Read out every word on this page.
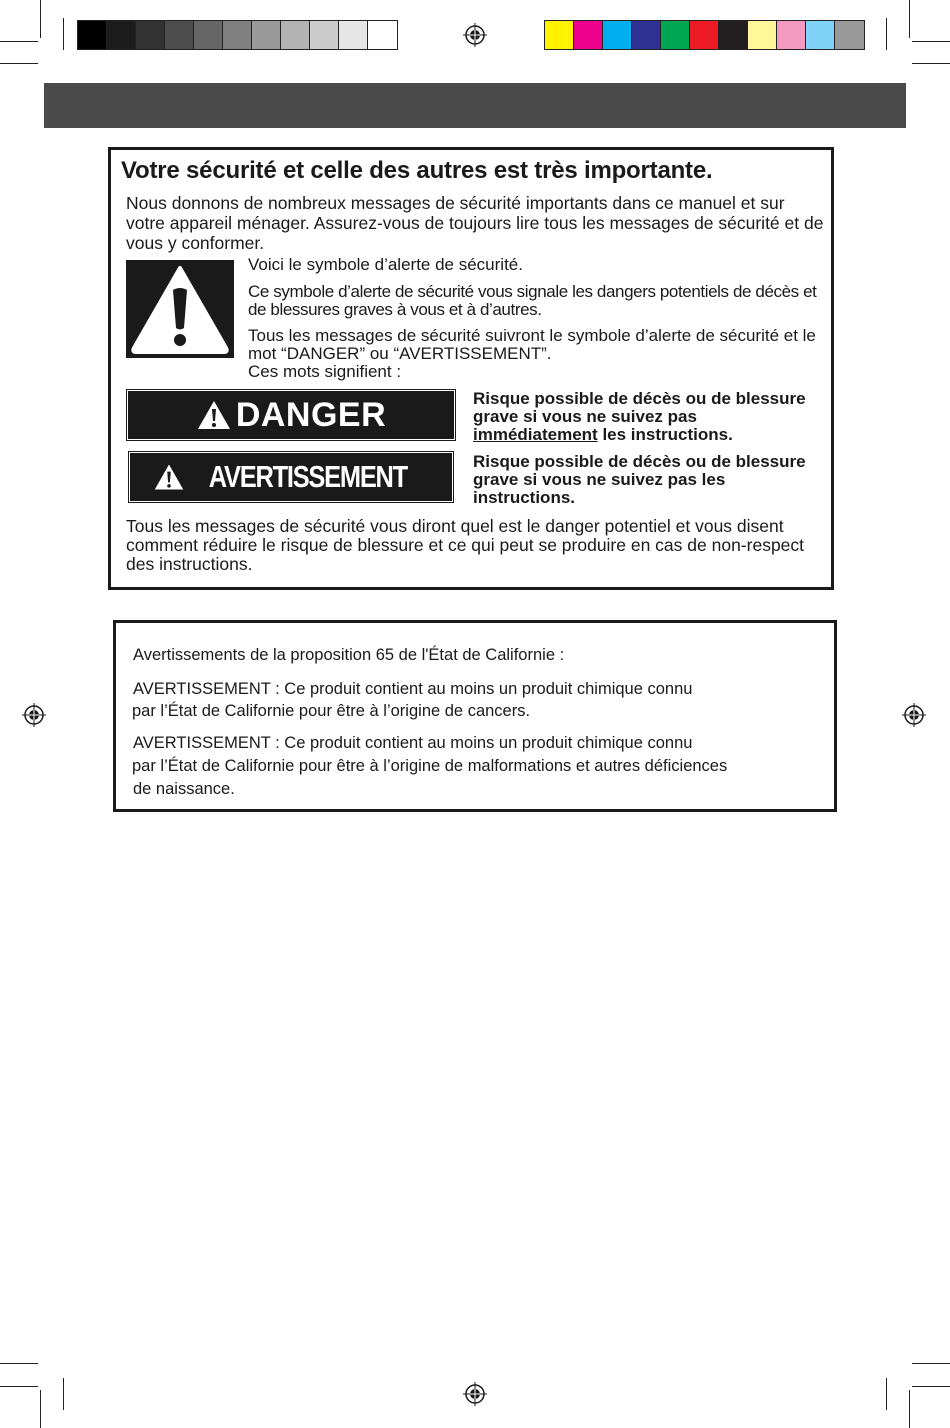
Votre sécurité et celle des autres est très importante.
Nous donnons de nombreux messages de sécurité importants dans ce manuel et sur votre appareil ménager. Assurez-vous de toujours lire tous les messages de sécurité et de vous y conformer.
Voici le symbole d’alerte de sécurité.
Ce symbole d’alerte de sécurité vous signale les dangers potentiels de décès et de blessures graves à vous et à d’autres.
Tous les messages de sécurité suivront le symbole d’alerte de sécurité et le mot “DANGER” ou “AVERTISSEMENT”.
Ces mots signifient :
DANGER	Risque possible de décès ou de blessure grave si vous ne suivez pas immédiatement les instructions.
AVERTISSEMENT	Risque possible de décès ou de blessure grave si vous ne suivez pas les instructions.
Tous les messages de sécurité vous diront quel est le danger potentiel et vous disent comment réduire le risque de blessure et ce qui peut se produire en cas de non-respect des instructions.
Avertissements de la proposition 65 de l'État de Californie :
AVERTISSEMENT : Ce produit contient au moins un produit chimique connu
par l’État de Californie pour être à l’origine de cancers.
AVERTISSEMENT : Ce produit contient au moins un produit chimique connu
par l’État de Californie pour être à l’origine de malformations et autres déficiences
de naissance.
